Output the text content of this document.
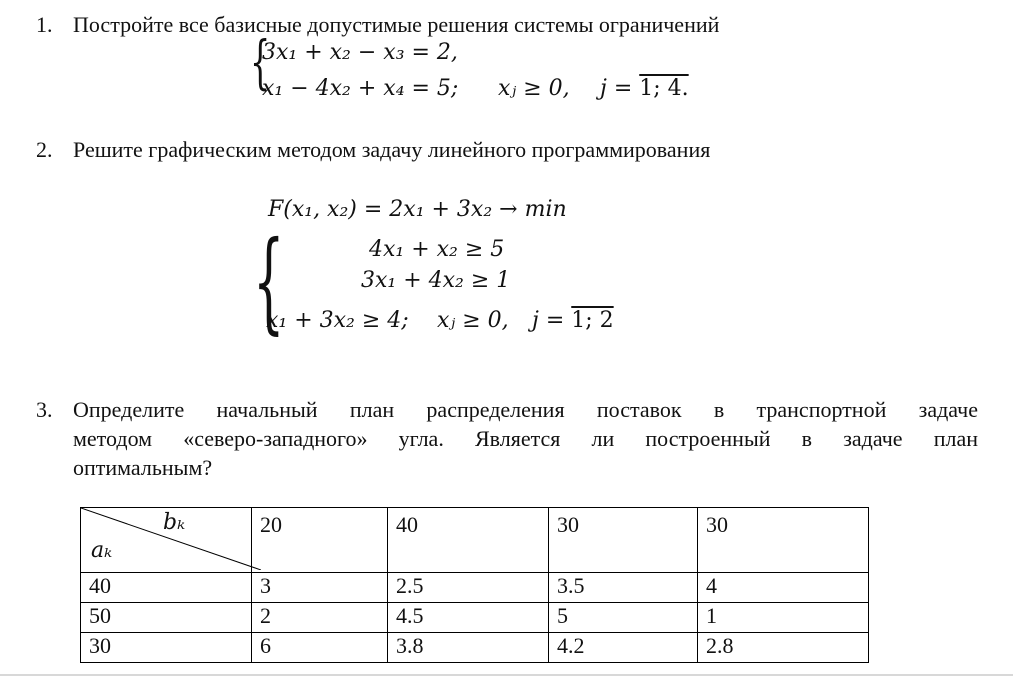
1. Постройте все базисные допустимые решения системы ограничений
{
3x₁ + x₂ − x₃ = 2,
x₁ − 4x₂ + x₄ = 5; xⱼ ≥ 0, j = 1; 4.
2. Решите графическим методом задачу линейного программирования
F(x₁, x₂) = 2x₁ + 3x₂ → min
{	4x₁ + x₂ ≥ 5
3x₁ + 4x₂ ≥ 1
x₁ + 3x₂ ≥ 4; xⱼ ≥ 0, j = 1; 2
3. Определите начальный план распределения поставок в транспортной задаче
методом «северо-западного» угла. Является ли построенный в задаче план
оптимальным?
bₖ
aₖ	20	40	30	30
40	3	2.5	3.5	4
50	2	4.5	5	1
30	6	3.8	4.2	2.8
